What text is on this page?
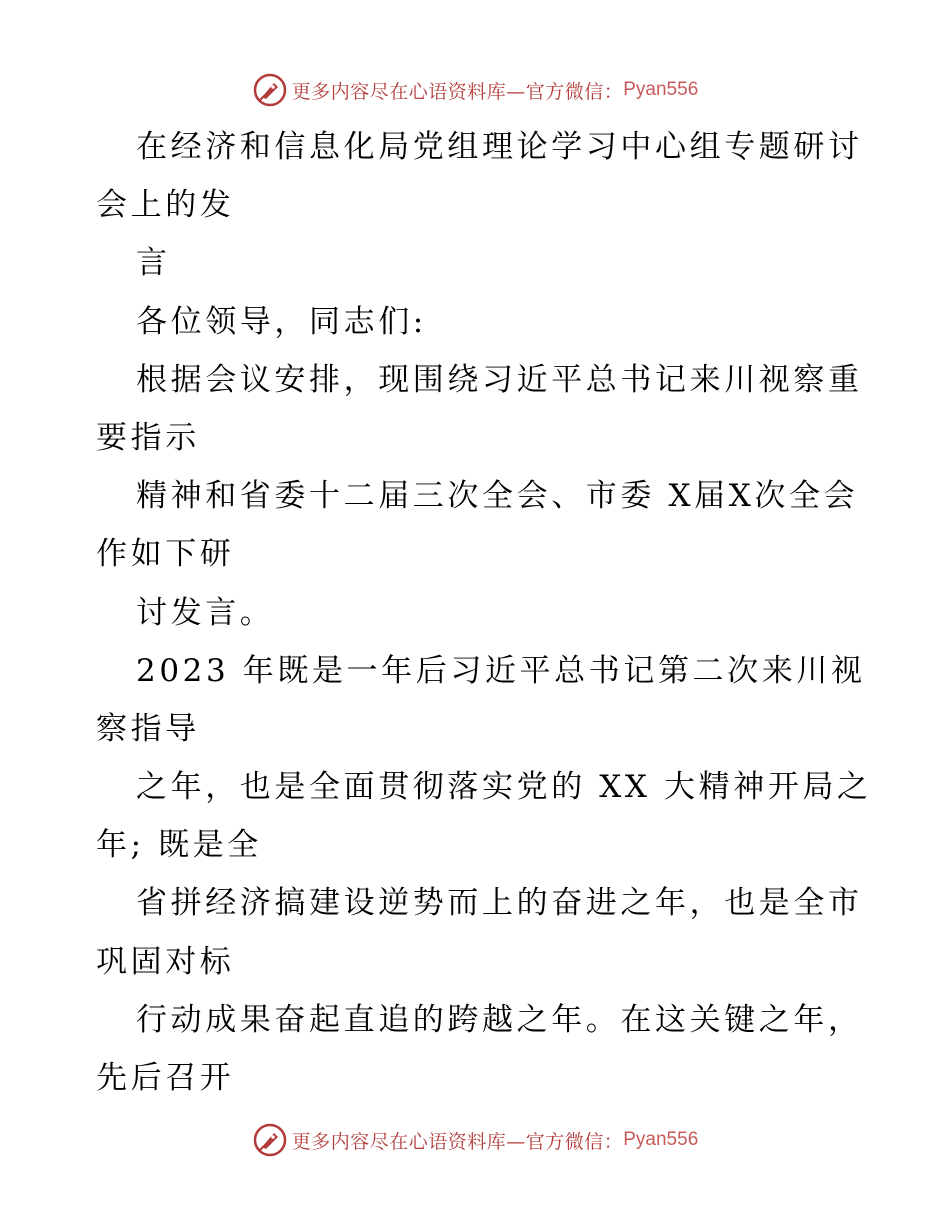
更多内容尽在心语资料库—官方微信： Pyan556

在经济和信息化局党组理论学习中心组专题研讨

会上的发

言

各位领导，同志们:

根据会议安排，现围绕习近平总书记来川视察重

要指示

精神和省委十二届三次全会、市委 X届X次全会

作如下研

讨发言。

2023 年既是一年后习近平总书记第二次来川视

察指导

之年，也是全面贯彻落实党的 XX 大精神开局之

年; 既是全

省拼经济搞建设逆势而上的奋进之年，也是全市

巩固对标

行动成果奋起直追的跨越之年。在这关键之年，

先后召开

更多内容尽在心语资料库—官方微信： Pyan556
